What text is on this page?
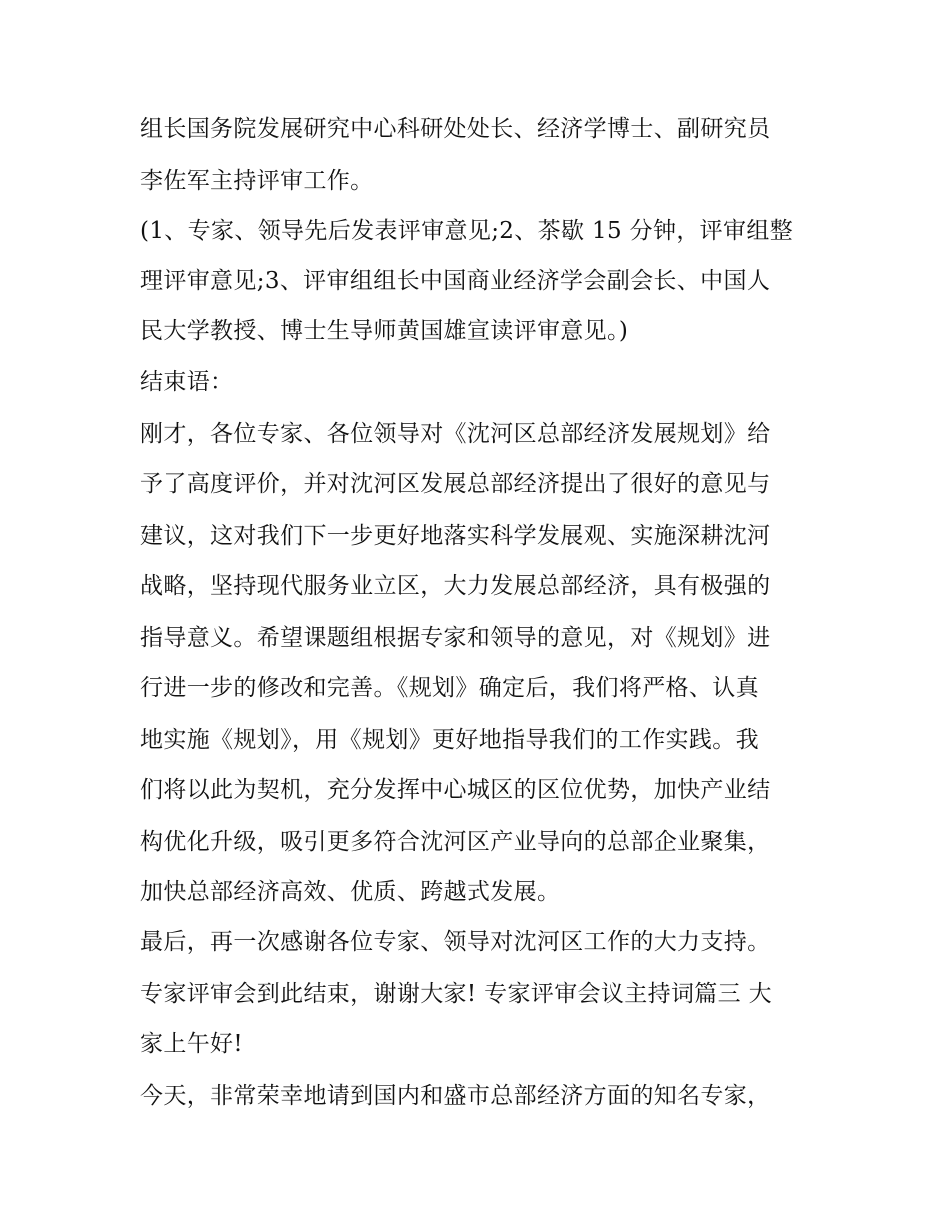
组长国务院发展研究中心科研处处长、经济学博士、副研究员
李佐军主持评审工作。
(1、专家、领导先后发表评审意见;2、茶歇 15 分钟，评审组整
理评审意见;3、评审组组长中国商业经济学会副会长、中国人
民大学教授、博士生导师黄国雄宣读评审意见。)
结束语：
刚才，各位专家、各位领导对《沈河区总部经济发展规划》给
予了高度评价，并对沈河区发展总部经济提出了很好的意见与
建议，这对我们下一步更好地落实科学发展观、实施深耕沈河
战略，坚持现代服务业立区，大力发展总部经济，具有极强的
指导意义。希望课题组根据专家和领导的意见，对《规划》进
行进一步的修改和完善。《规划》确定后，我们将严格、认真
地实施《规划》，用《规划》更好地指导我们的工作实践。我
们将以此为契机，充分发挥中心城区的区位优势，加快产业结
构优化升级，吸引更多符合沈河区产业导向的总部企业聚集，
加快总部经济高效、优质、跨越式发展。
最后，再一次感谢各位专家、领导对沈河区工作的大力支持。
专家评审会到此结束，谢谢大家! 专家评审会议主持词篇三 大
家上午好!
今天，非常荣幸地请到国内和盛市总部经济方面的知名专家，
